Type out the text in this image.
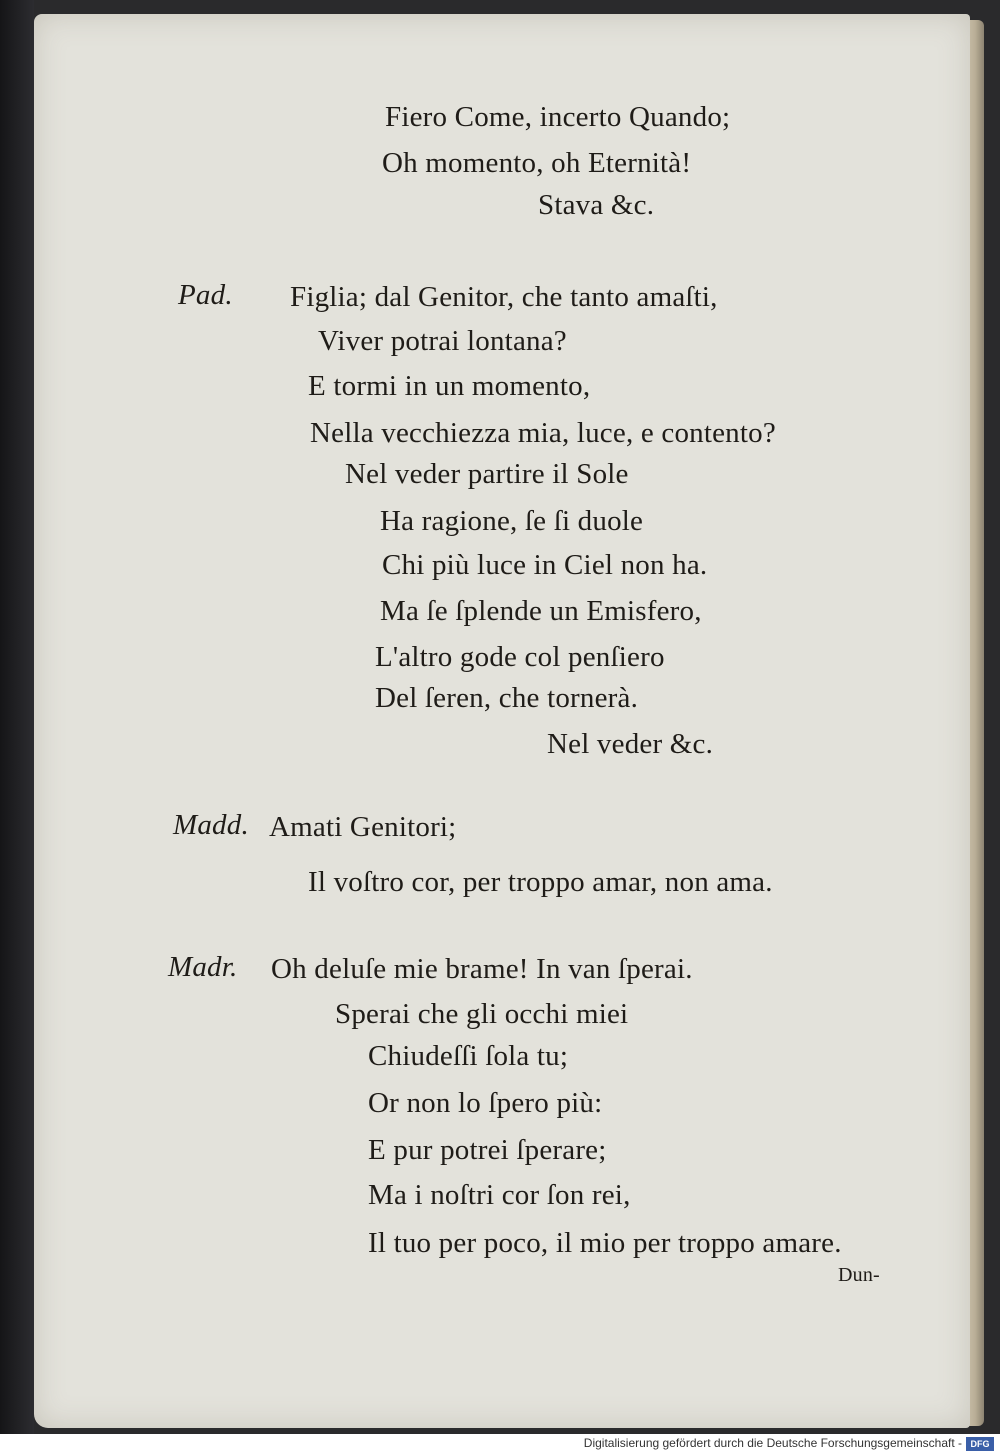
Fiero Come, incerto Quando;
Oh momento, oh Eternità!
Stava &c.
Pad. Figlia; dal Genitor, che tanto amaſti,
Viver potrai lontana?
E tormi in un momento,
Nella vecchiezza mia, luce, e contento?
Nel veder partire il Sole
Ha ragione, ſe ſi duole
Chi più luce in Ciel non ha.
Ma ſe ſplende un Emisfero,
L'altro gode col penſiero
Del ſeren, che tornerà.
Nel veder &c.
Madd. Amati Genitori;
Il voſtro cor, per troppo amar, non ama.
Madr. Oh deluſe mie brame! In van ſperai.
Sperai che gli occhi miei
Chiudeſſi ſola tu;
Or non lo ſpero più:
E pur potrei ſperare;
Ma i noſtri cor ſon rei,
Il tuo per poco, il mio per troppo amare.
Dun-
Digitalisierung gefördert durch die Deutsche Forschungsgemeinschaft - DFG
